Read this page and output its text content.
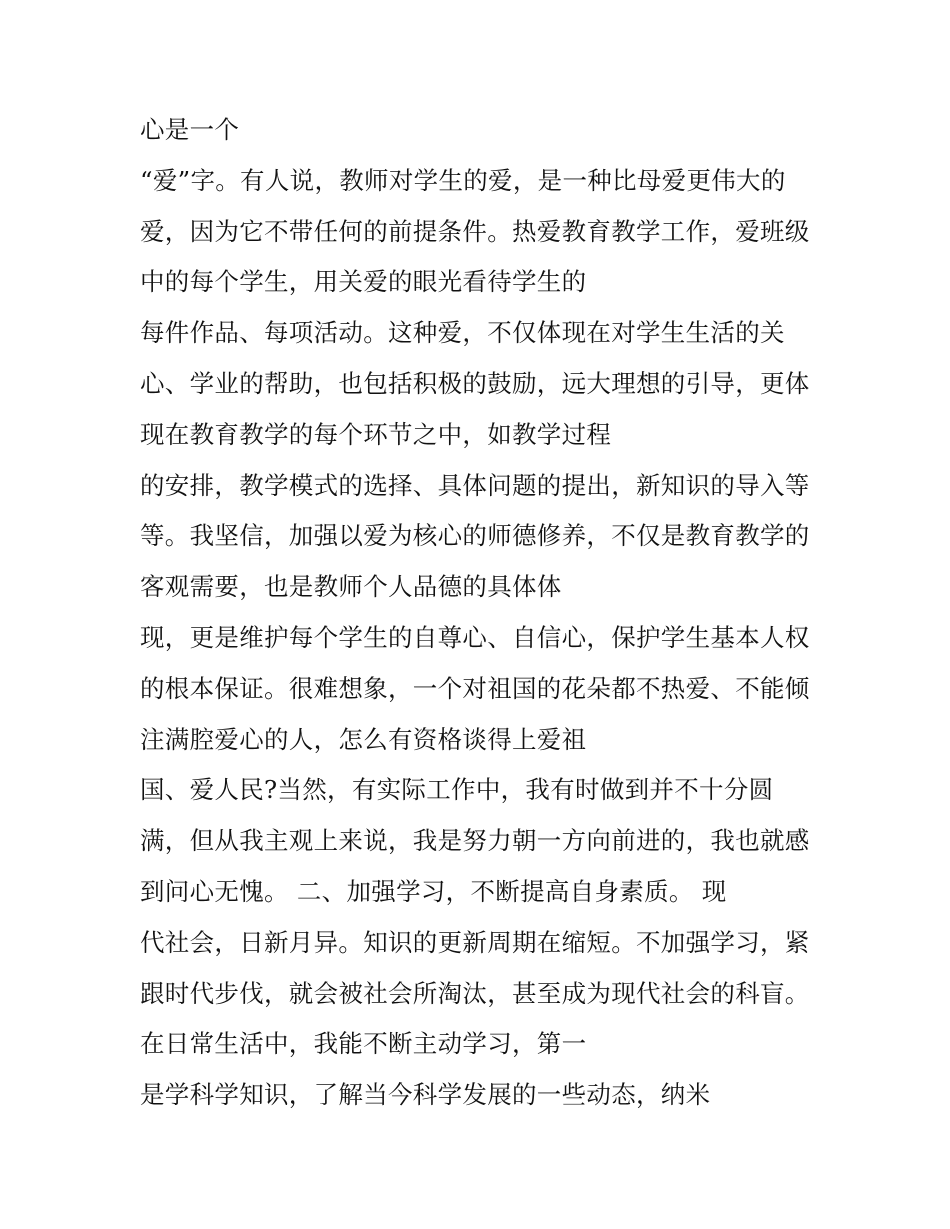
心是一个
“爱”字。有人说，教师对学生的爱，是一种比母爱更伟大的
爱，因为它不带任何的前提条件。热爱教育教学工作，爱班级
中的每个学生，用关爱的眼光看待学生的
每件作品、每项活动。这种爱，不仅体现在对学生生活的关
心、学业的帮助，也包括积极的鼓励，远大理想的引导，更体
现在教育教学的每个环节之中，如教学过程
的安排，教学模式的选择、具体问题的提出，新知识的导入等
等。我坚信，加强以爱为核心的师德修养，不仅是教育教学的
客观需要，也是教师个人品德的具体体
现，更是维护每个学生的自尊心、自信心，保护学生基本人权
的根本保证。很难想象，一个对祖国的花朵都不热爱、不能倾
注满腔爱心的人，怎么有资格谈得上爱祖
国、爱人民?当然，有实际工作中，我有时做到并不十分圆
满，但从我主观上来说，我是努力朝一方向前进的，我也就感
到问心无愧。 二、加强学习，不断提高自身素质。 现
代社会，日新月异。知识的更新周期在缩短。不加强学习，紧
跟时代步伐，就会被社会所淘汰，甚至成为现代社会的科盲。
在日常生活中，我能不断主动学习，第一
是学科学知识，了解当今科学发展的一些动态，纳米
